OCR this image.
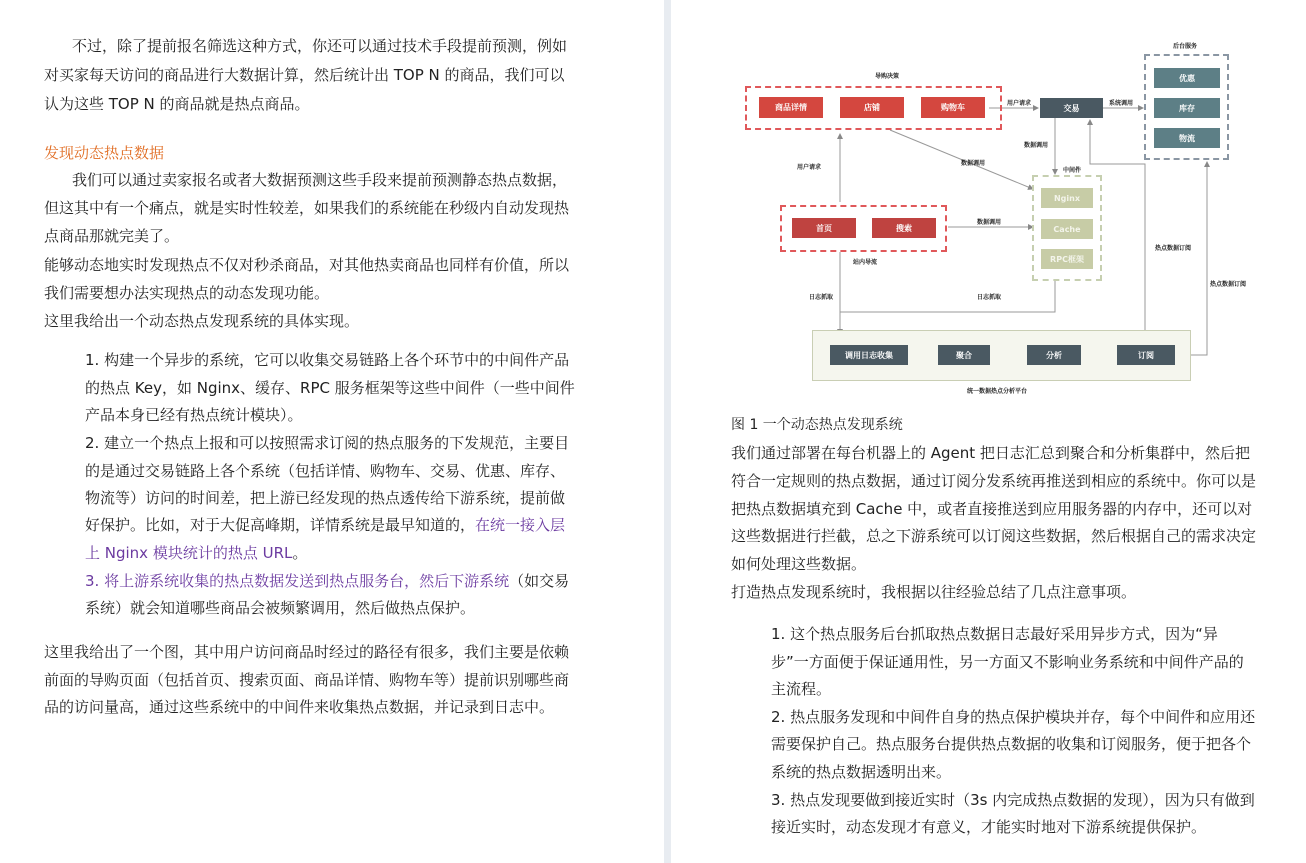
不过，除了提前报名筛选这种方式，你还可以通过技术手段提前预测，例如
对买家每天访问的商品进行大数据计算，然后统计出 TOP N 的商品，我们可以
认为这些 TOP N 的商品就是热点商品。
发现动态热点数据
我们可以通过卖家报名或者大数据预测这些手段来提前预测静态热点数据，
但这其中有一个痛点，就是实时性较差，如果我们的系统能在秒级内自动发现热
点商品那就完美了。
能够动态地实时发现热点不仅对秒杀商品，对其他热卖商品也同样有价值，所以
我们需要想办法实现热点的动态发现功能。
这里我给出一个动态热点发现系统的具体实现。
1. 构建一个异步的系统，它可以收集交易链路上各个环节中的中间件产品
的热点 Key，如 Nginx、缓存、RPC 服务框架等这些中间件（一些中间件
产品本身已经有热点统计模块）。
2. 建立一个热点上报和可以按照需求订阅的热点服务的下发规范，主要目
的是通过交易链路上各个系统（包括详情、购物车、交易、优惠、库存、
物流等）访问的时间差，把上游已经发现的热点透传给下游系统，提前做
好保护。比如，对于大促高峰期，详情系统是最早知道的，在统一接入层
上 Nginx 模块统计的热点 URL。
3. 将上游系统收集的热点数据发送到热点服务台，然后下游系统（如交易
系统）就会知道哪些商品会被频繁调用，然后做热点保护。
这里我给出了一个图，其中用户访问商品时经过的路径有很多，我们主要是依赖
前面的导购页面（包括首页、搜索页面、商品详情、购物车等）提前识别哪些商
品的访问量高，通过这些系统中的中间件来收集热点数据，并记录到日志中。
后台服务
优惠
库存
物流
导购决策
商品详情	店铺	购物车	交易
用户请求	系统调用
数据调用
中间件
Nginx
Cache
RPC框架
用户请求
数据调用
数据调用
首页	搜索
站内导流
日志抓取	日志抓取
热点数据订阅
热点数据订阅
调用日志收集	聚合	分析	订阅
统一数据热点分析平台
图 1 一个动态热点发现系统
我们通过部署在每台机器上的 Agent 把日志汇总到聚合和分析集群中，然后把
符合一定规则的热点数据，通过订阅分发系统再推送到相应的系统中。你可以是
把热点数据填充到 Cache 中，或者直接推送到应用服务器的内存中，还可以对
这些数据进行拦截，总之下游系统可以订阅这些数据，然后根据自己的需求决定
如何处理这些数据。
打造热点发现系统时，我根据以往经验总结了几点注意事项。
1. 这个热点服务后台抓取热点数据日志最好采用异步方式，因为“异
步”一方面便于保证通用性，另一方面又不影响业务系统和中间件产品的
主流程。
2. 热点服务发现和中间件自身的热点保护模块并存，每个中间件和应用还
需要保护自己。热点服务台提供热点数据的收集和订阅服务，便于把各个
系统的热点数据透明出来。
3. 热点发现要做到接近实时（3s 内完成热点数据的发现），因为只有做到
接近实时，动态发现才有意义，才能实时地对下游系统提供保护。
